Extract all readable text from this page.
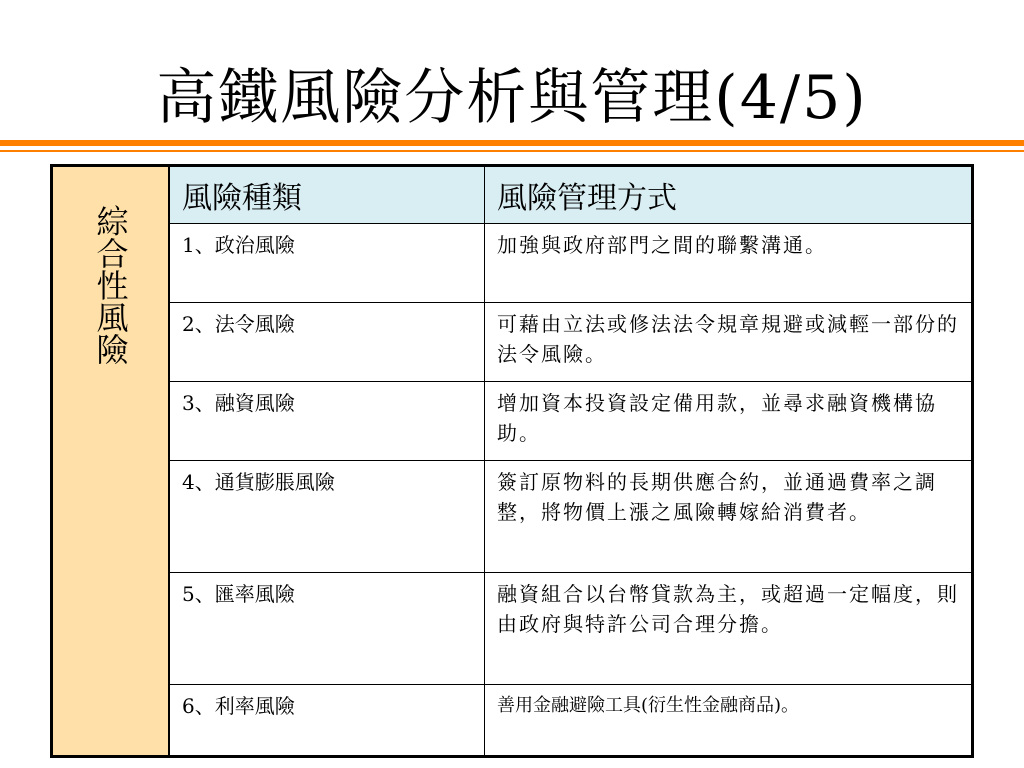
高鐵風險分析與管理(4/5)
綜合性風險	風險種類	風險管理方式
	1、政治風險	加強與政府部門之間的聯繫溝通。
	2、法令風險	可藉由立法或修法法令規章規避或減輕一部份的法令風險。
	3、融資風險	增加資本投資設定備用款，並尋求融資機構協助。
	4、通貨膨脹風險	簽訂原物料的長期供應合約，並通過費率之調整，將物價上漲之風險轉嫁給消費者。
	5、匯率風險	融資組合以台幣貸款為主，或超過一定幅度，則由政府與特許公司合理分擔。
	6、利率風險	善用金融避險工具(衍生性金融商品)。
